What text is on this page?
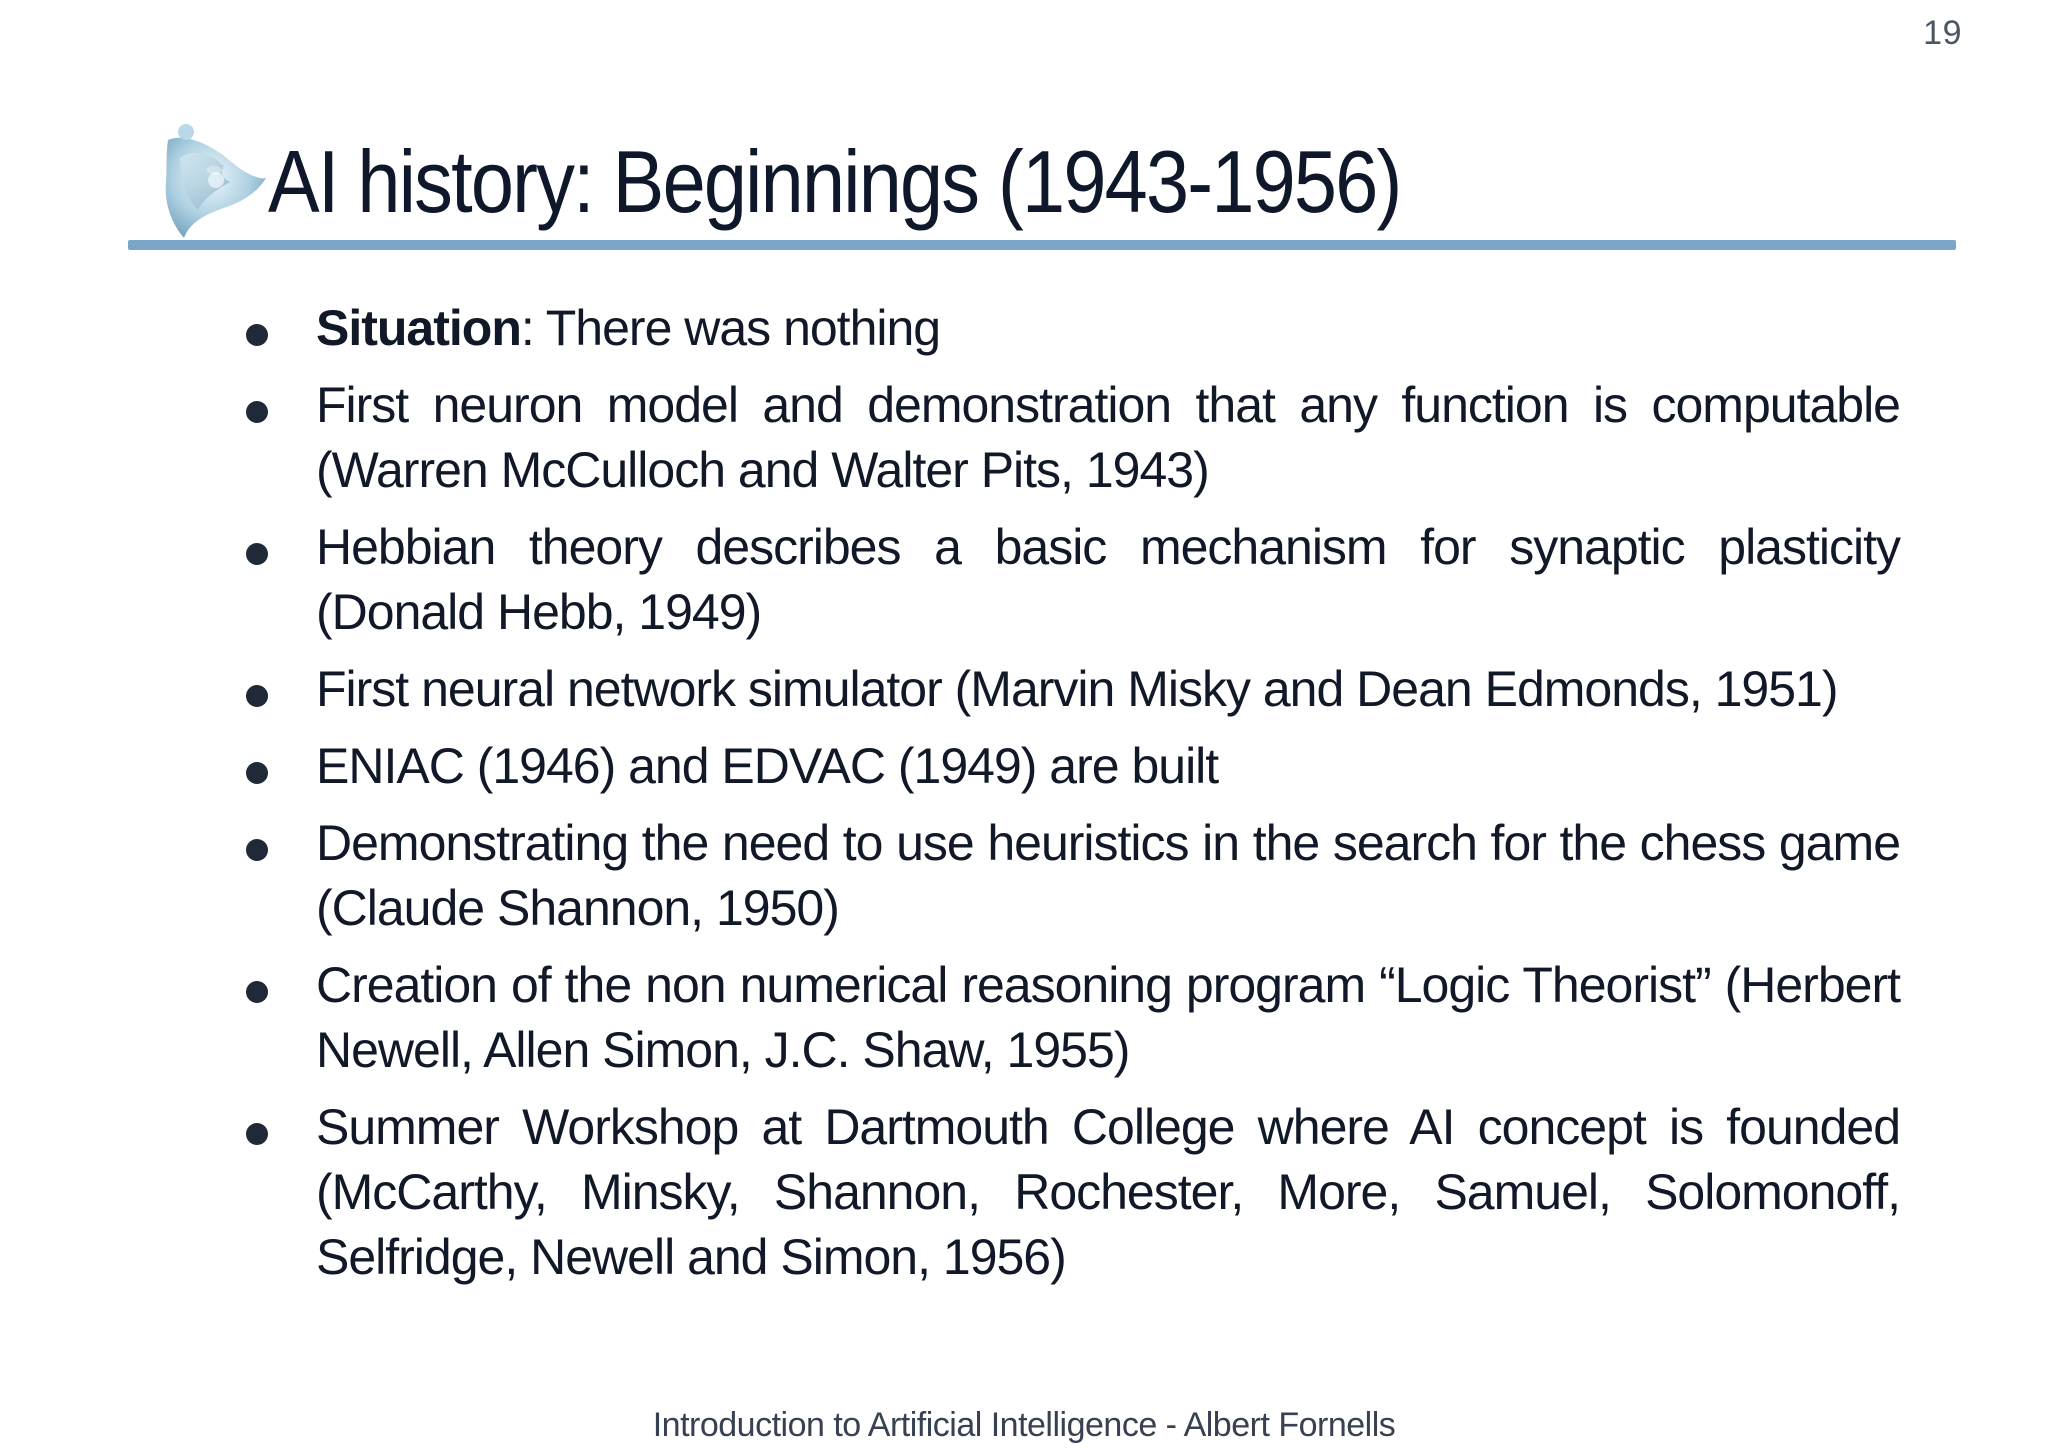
19
AI history: Beginnings (1943-1956)
Situation: There was nothing
First neuron model and demonstration that any function is computable (Warren McCulloch and Walter Pits, 1943)
Hebbian theory describes a basic mechanism for synaptic plasticity (Donald Hebb, 1949)
First neural network simulator (Marvin Misky and Dean Edmonds, 1951)
ENIAC (1946) and EDVAC (1949) are built
Demonstrating the need to use heuristics in the search for the chess game (Claude Shannon, 1950)
Creation of the non numerical reasoning program “Logic Theorist” (Herbert Newell, Allen Simon, J.C. Shaw, 1955)
Summer Workshop at Dartmouth College where AI concept is founded (McCarthy, Minsky, Shannon, Rochester, More, Samuel, Solomonoff, Selfridge, Newell and Simon, 1956)
Introduction to Artificial Intelligence - Albert Fornells
